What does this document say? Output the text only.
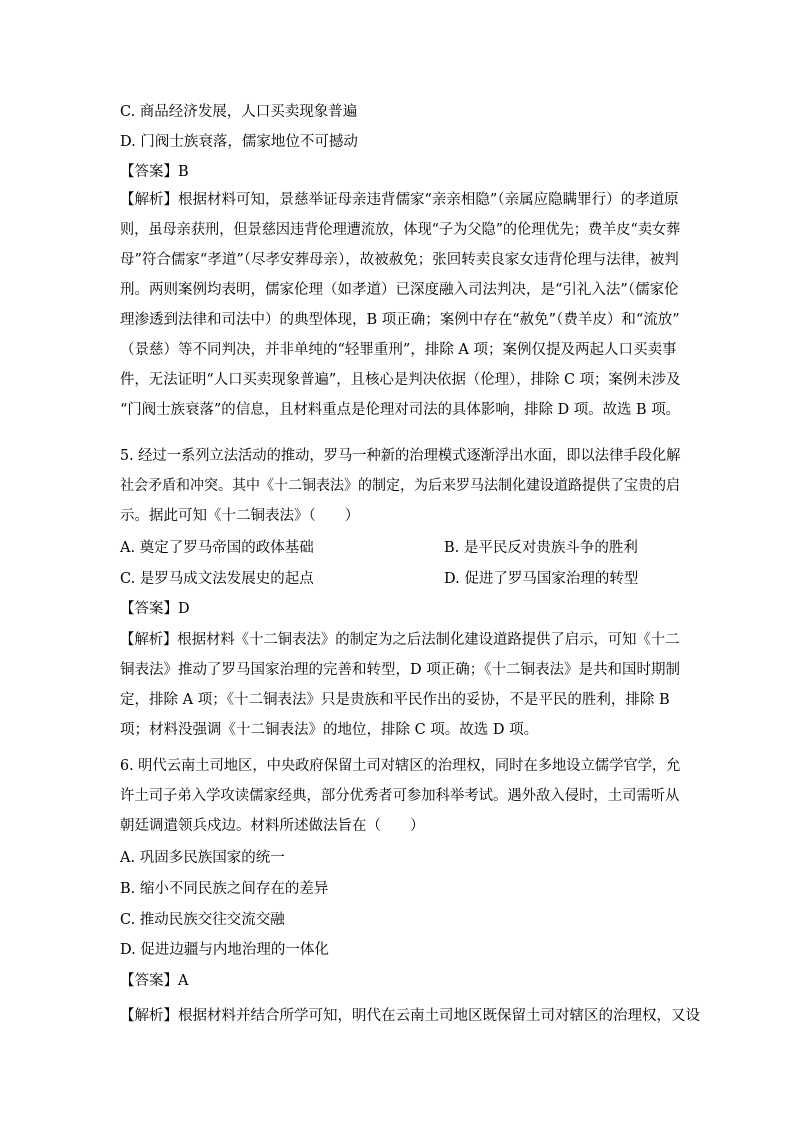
C. 商品经济发展，人口买卖现象普遍
D. 门阀士族衰落，儒家地位不可撼动
【答案】B
【解析】根据材料可知，景慈举证母亲违背儒家“亲亲相隐”（亲属应隐瞒罪行）的孝道原
则，虽母亲获刑，但景慈因违背伦理遭流放，体现“子为父隐”的伦理优先；费羊皮“卖女葬
母”符合儒家“孝道”（尽孝安葬母亲），故被赦免；张回转卖良家女违背伦理与法律，被判
刑。两则案例均表明，儒家伦理（如孝道）已深度融入司法判决，是“引礼入法”（儒家伦
理渗透到法律和司法中）的典型体现，B 项正确；案例中存在“赦免”（费羊皮）和“流放”
（景慈）等不同判决，并非单纯的“轻罪重刑”，排除 A 项；案例仅提及两起人口买卖事
件，无法证明“人口买卖现象普遍”，且核心是判决依据（伦理），排除 C 项；案例未涉及
“门阀士族衰落”的信息，且材料重点是伦理对司法的具体影响，排除 D 项。故选 B 项。
5. 经过一系列立法活动的推动，罗马一种新的治理模式逐渐浮出水面，即以法律手段化解
社会矛盾和冲突。其中《十二铜表法》的制定，为后来罗马法制化建设道路提供了宝贵的启
示。据此可知《十二铜表法》（　　）
A. 奠定了罗马帝国的政体基础	B. 是平民反对贵族斗争的胜利
C. 是罗马成文法发展史的起点	D. 促进了罗马国家治理的转型
【答案】D
【解析】根据材料《十二铜表法》的制定为之后法制化建设道路提供了启示，可知《十二
铜表法》推动了罗马国家治理的完善和转型，D 项正确；《十二铜表法》是共和国时期制
定，排除 A 项；《十二铜表法》只是贵族和平民作出的妥协，不是平民的胜利，排除 B
项；材料没强调《十二铜表法》的地位，排除 C 项。故选 D 项。
6. 明代云南土司地区，中央政府保留土司对辖区的治理权，同时在多地设立儒学官学，允
许土司子弟入学攻读儒家经典，部分优秀者可参加科举考试。遇外敌入侵时，土司需听从
朝廷调遣领兵戍边。材料所述做法旨在（　　）
A. 巩固多民族国家的统一
B. 缩小不同民族之间存在的差异
C. 推动民族交往交流交融
D. 促进边疆与内地治理的一体化
【答案】A
【解析】根据材料并结合所学可知，明代在云南土司地区既保留土司对辖区的治理权，又设
